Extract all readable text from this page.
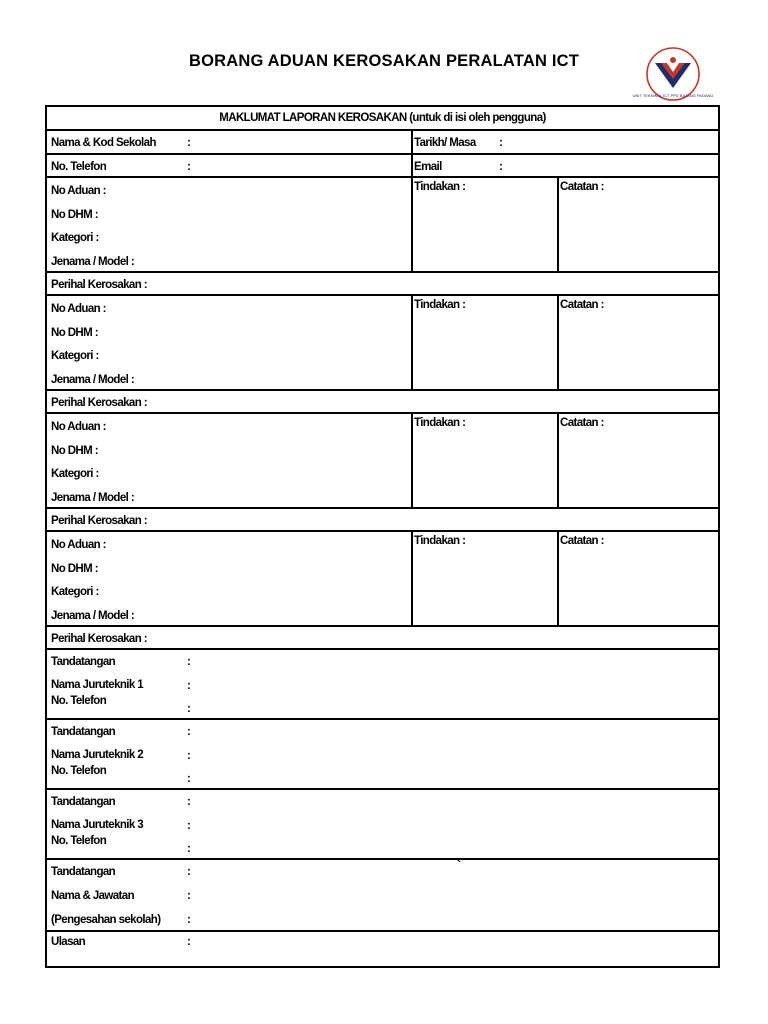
BORANG ADUAN KEROSAKAN PERALATAN ICT
UNIT TEKNIKAL ICT PPD BATANG PADANG
MAKLUMAT LAPORAN KEROSAKAN (untuk di isi oleh pengguna)
Nama & Kod Sekolah	:	Tarikh/ Masa :
No. Telefon	:	Email	:
No Aduan :
No DHM :
Kategori :
Jenama / Model :
Tindakan :	Catatan :
Perihal Kerosakan :
No Aduan :
No DHM :
Kategori :
Jenama / Model :
Tindakan :	Catatan :
Perihal Kerosakan :
No Aduan :
No DHM :
Kategori :
Jenama / Model :
Tindakan :	Catatan :
Perihal Kerosakan :
No Aduan :
No DHM :
Kategori :
Jenama / Model :
Tindakan :	Catatan :
Perihal Kerosakan :
Tandatangan	:
Nama Juruteknik 1	:
No. Telefon
:
Tandatangan	:
Nama Juruteknik 2	:
No. Telefon
:
Tandatangan	:
Nama Juruteknik 3	:
No. Telefon
:
Tandatangan	:	`
Nama & Jawatan	:
(Pengesahan sekolah) :
Ulasan	:
